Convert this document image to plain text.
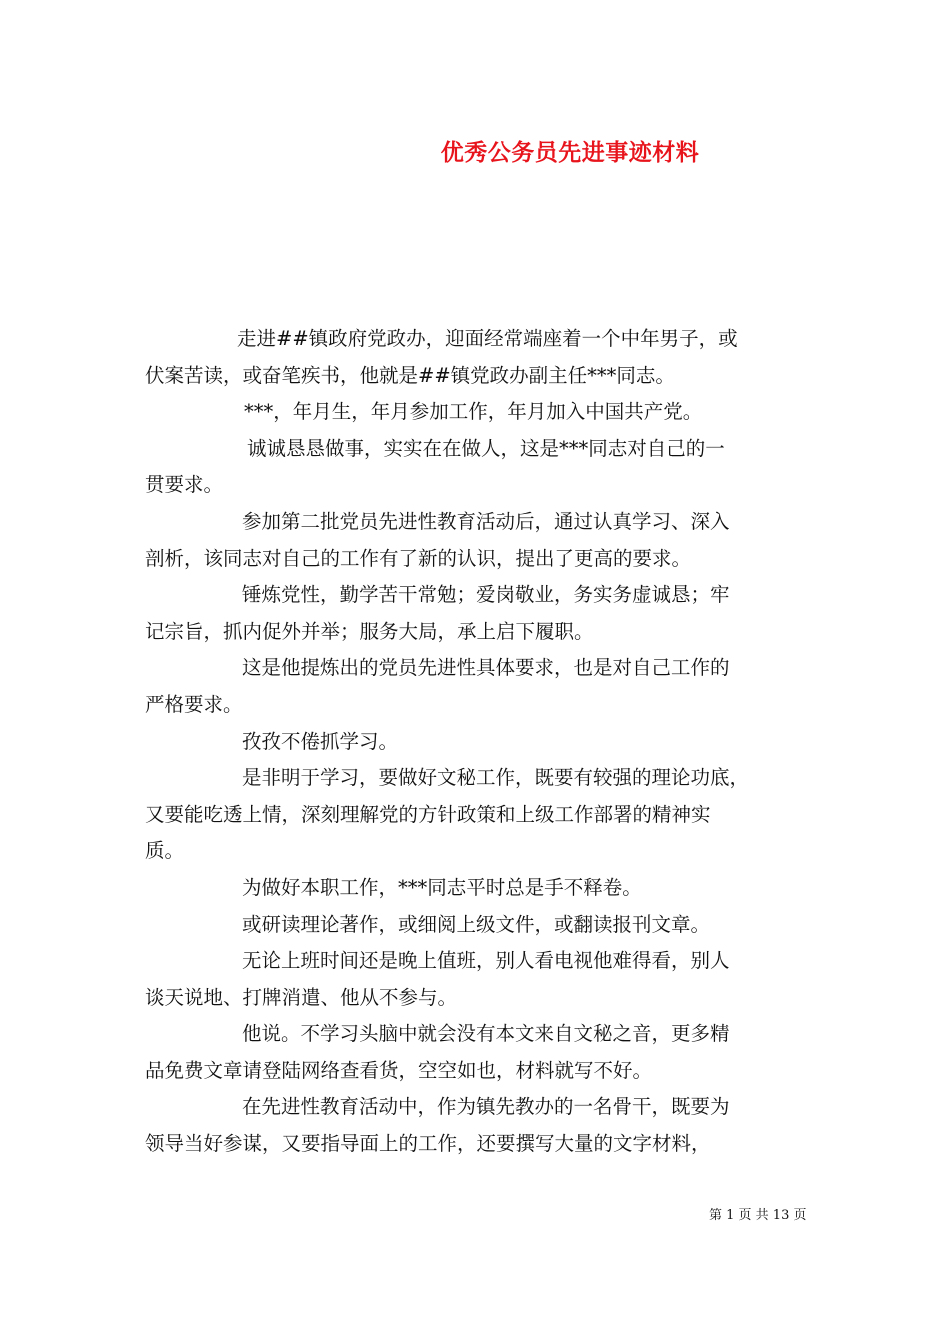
优秀公务员先进事迹材料
走进##镇政府党政办，迎面经常端座着一个中年男子，或
伏案苦读，或奋笔疾书，他就是##镇党政办副主任***同志。
***，年月生，年月参加工作，年月加入中国共产党。
诚诚恳恳做事，实实在在做人，这是***同志对自己的一
贯要求。
参加第二批党员先进性教育活动后，通过认真学习、深入
剖析，该同志对自己的工作有了新的认识，提出了更高的要求。
锤炼党性，勤学苦干常勉；爱岗敬业，务实务虚诚恳；牢
记宗旨，抓内促外并举；服务大局，承上启下履职。
这是他提炼出的党员先进性具体要求，也是对自己工作的
严格要求。
孜孜不倦抓学习。
是非明于学习，要做好文秘工作，既要有较强的理论功底，
又要能吃透上情，深刻理解党的方针政策和上级工作部署的精神实
质。
为做好本职工作，***同志平时总是手不释卷。
或研读理论著作，或细阅上级文件，或翻读报刊文章。
无论上班时间还是晚上值班，别人看电视他难得看，别人
谈天说地、打牌消遣、他从不参与。
他说。不学习头脑中就会没有本文来自文秘之音，更多精
品免费文章请登陆网络查看货，空空如也，材料就写不好。
在先进性教育活动中，作为镇先教办的一名骨干，既要为
领导当好参谋，又要指导面上的工作，还要撰写大量的文字材料，
第 1 页 共 13 页
